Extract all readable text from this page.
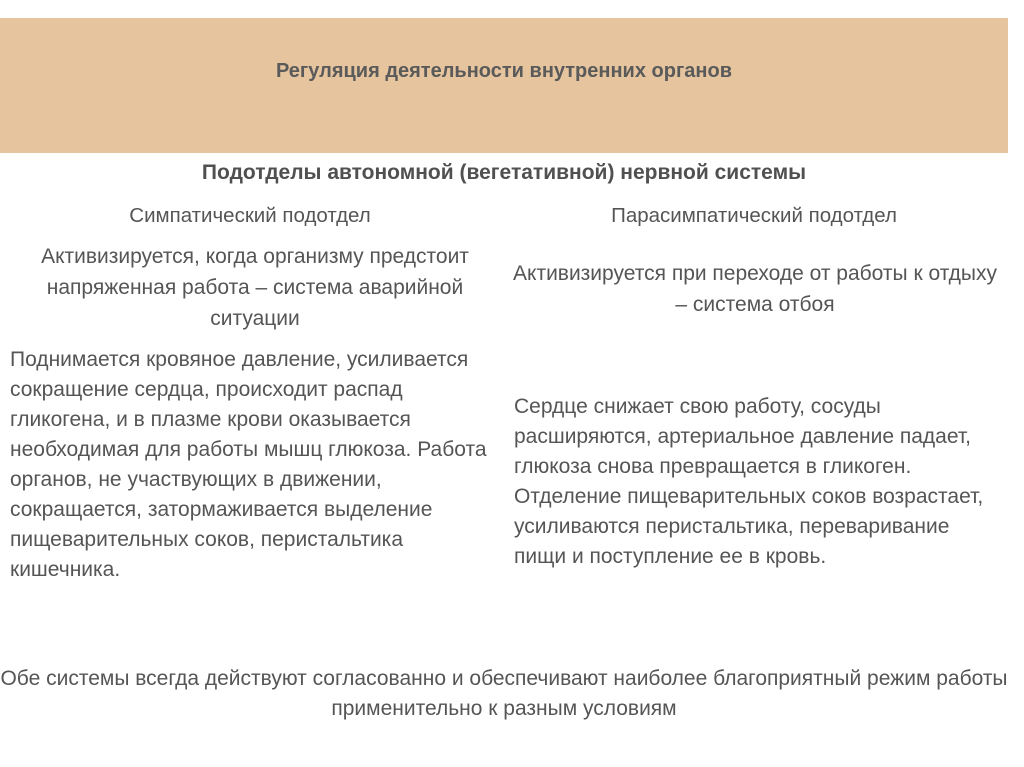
Регуляция деятельности внутренних органов
Подотделы автономной (вегетативной) нервной системы
Симпатический подотдел	Парасимпатический подотдел
Активизируется, когда организму предстоит напряженная работа – система аварийной ситуации
Активизируется при переходе от работы к отдыху – система отбоя
Поднимается кровяное давление, усиливается сокращение сердца, происходит распад гликогена, и в плазме крови оказывается необходимая для работы мышц глюкоза. Работа органов, не участвующих в движении, сокращается, затормаживается выделение пищеварительных соков, перистальтика кишечника.
Сердце снижает свою работу, сосуды расширяются, артериальное давление падает, глюкоза снова превращается в гликоген. Отделение пищеварительных соков возрастает, усиливаются перистальтика, переваривание пищи и поступление ее в кровь.
Обе системы всегда действуют согласованно и обеспечивают наиболее благоприятный режим работы применительно к разным условиям
